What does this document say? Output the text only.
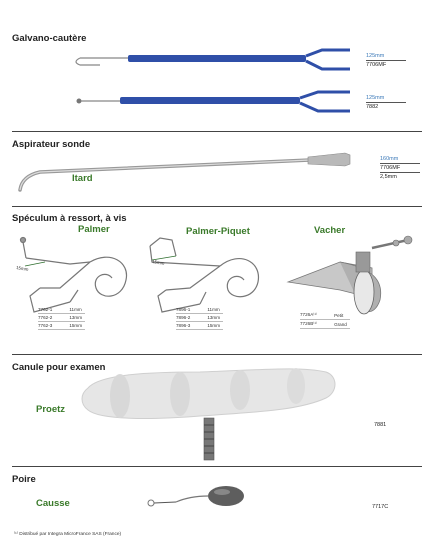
Galvano-cautère
125mm
7706MF
125mm
7882
Aspirateur sonde
Itard
160mm
7706MF
2,5mm
Spéculum à ressort, à vis
Palmer
15mm
7762-1	11mm
7762-2	13mm
7762-3	15mm
Palmer-Piquet
15mm
7896-1	11mm
7896-2	13mm
7896-3	15mm
Vacher
7726A⁽¹⁾	Petit
7726B⁽¹⁾	Grand
Canule pour examen
Proetz
7881
Poire
Causse	7717C
⁽¹⁾ Distribué par Integra MicroFrance SAS (France)
